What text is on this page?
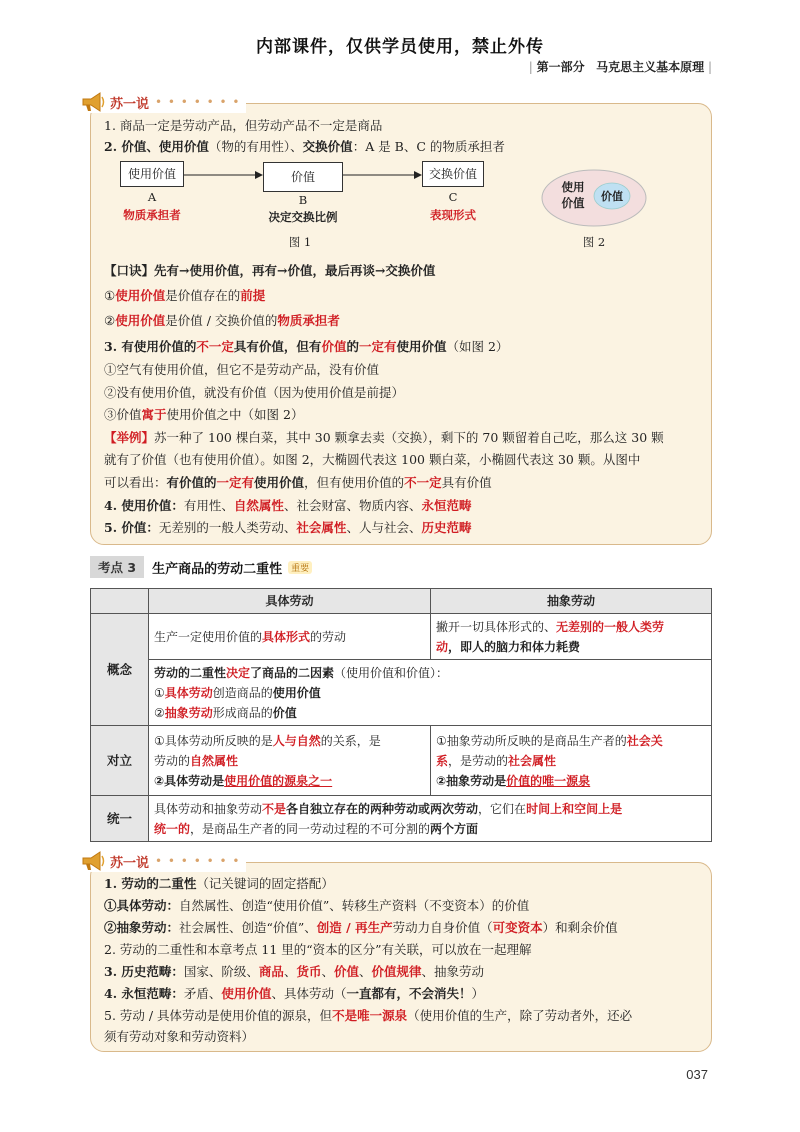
内部课件，仅供学员使用，禁止外传
| 第一部分 马克思主义基本原理 |
苏一说 • • • • • • •
1. 商品一定是劳动产品，但劳动产品不一定是商品
2. 价值、使用价值（物的有用性）、交换价值：A 是 B、C 的物质承担者
使用价值	价值	交换价值
A	B	C
物质承担者	决定交换比例	表现形式
图 1
使用
价值	价值
图 2
【口诀】先有→使用价值，再有→价值，最后再谈→交换价值
①使用价值是价值存在的前提
②使用价值是价值 / 交换价值的物质承担者
3. 有使用价值的不一定具有价值，但有价值的一定有使用价值（如图 2）
①空气有使用价值，但它不是劳动产品，没有价值
②没有使用价值，就没有价值（因为使用价值是前提）
③价值寓于使用价值之中（如图 2）
【举例】苏一种了 100 棵白菜，其中 30 颗拿去卖（交换），剩下的 70 颗留着自己吃，那么这 30 颗
就有了价值（也有使用价值）。如图 2，大椭圆代表这 100 颗白菜，小椭圆代表这 30 颗。从图中
可以看出：有价值的一定有使用价值，但有使用价值的不一定具有价值
4. 使用价值：有用性、自然属性、社会财富、物质内容、永恒范畴
5. 价值：无差别的一般人类劳动、社会属性、人与社会、历史范畴
考点 3	生产商品的劳动二重性	重要
	具体劳动	抽象劳动
概念	生产一定使用价值的具体形式的劳动	撇开一切具体形式的、无差别的一般人类劳
动，即人的脑力和体力耗费
	劳动的二重性决定了商品的二因素（使用价值和价值）：
①具体劳动创造商品的使用价值
②抽象劳动形成商品的价值	
对立	①具体劳动所反映的是人与自然的关系，是
劳动的自然属性
②具体劳动是使用价值的源泉之一	①抽象劳动所反映的是商品生产者的社会关
系，是劳动的社会属性
②抽象劳动是价值的唯一源泉
统一	具体劳动和抽象劳动不是各自独立存在的两种劳动或两次劳动，它们在时间上和空间上是
统一的，是商品生产者的同一劳动过程的不可分割的两个方面	
苏一说 • • • • • • •
1. 劳动的二重性（记关键词的固定搭配）
①具体劳动：自然属性、创造“使用价值”、转移生产资料（不变资本）的价值
②抽象劳动：社会属性、创造“价值”、创造 / 再生产劳动力自身价值（可变资本）和剩余价值
2. 劳动的二重性和本章考点 11 里的“资本的区分”有关联，可以放在一起理解
3. 历史范畴：国家、阶级、商品、货币、价值、价值规律、抽象劳动
4. 永恒范畴：矛盾、使用价值、具体劳动（一直都有，不会消失！）
5. 劳动 / 具体劳动是使用价值的源泉，但不是唯一源泉（使用价值的生产，除了劳动者外，还必
须有劳动对象和劳动资料）
037
